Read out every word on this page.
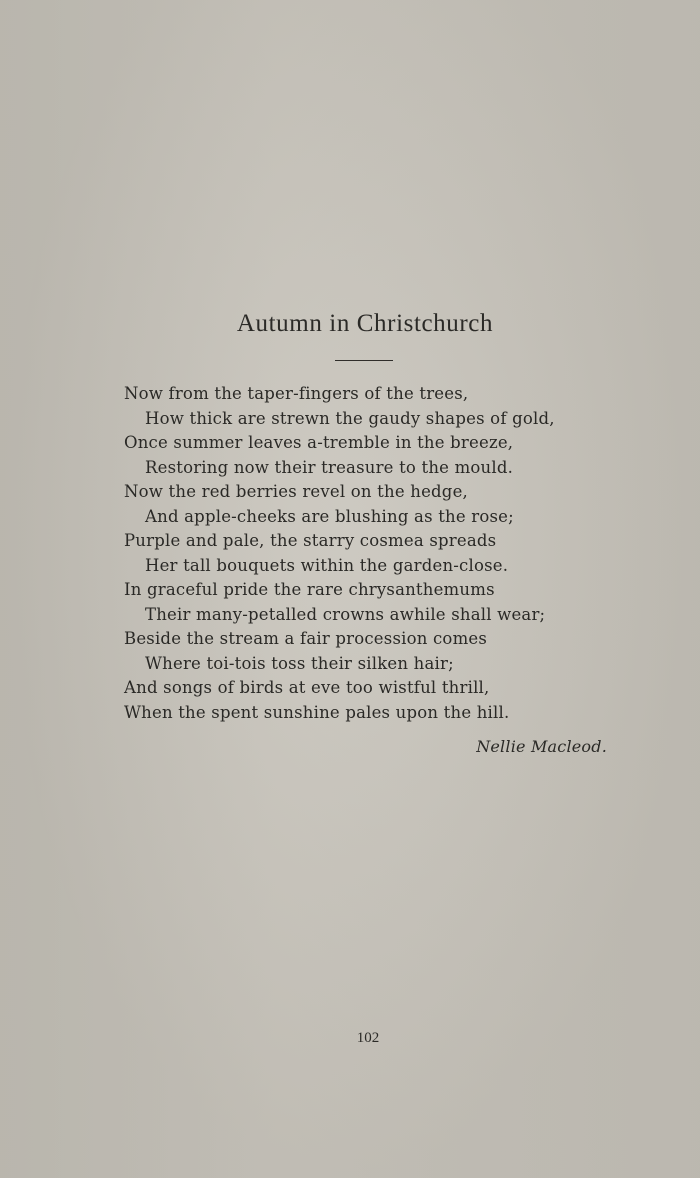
Autumn in Christchurch
Now from the taper-fingers of the trees,
How thick are strewn the gaudy shapes of gold,
Once summer leaves a-tremble in the breeze,
Restoring now their treasure to the mould.
Now the red berries revel on the hedge,
And apple-cheeks are blushing as the rose;
Purple and pale, the starry cosmea spreads
Her tall bouquets within the garden-close.
In graceful pride the rare chrysanthemums
Their many-petalled crowns awhile shall wear;
Beside the stream a fair procession comes
Where toi-tois toss their silken hair;
And songs of birds at eve too wistful thrill,
When the spent sunshine pales upon the hill.
Nellie Macleod.
102
